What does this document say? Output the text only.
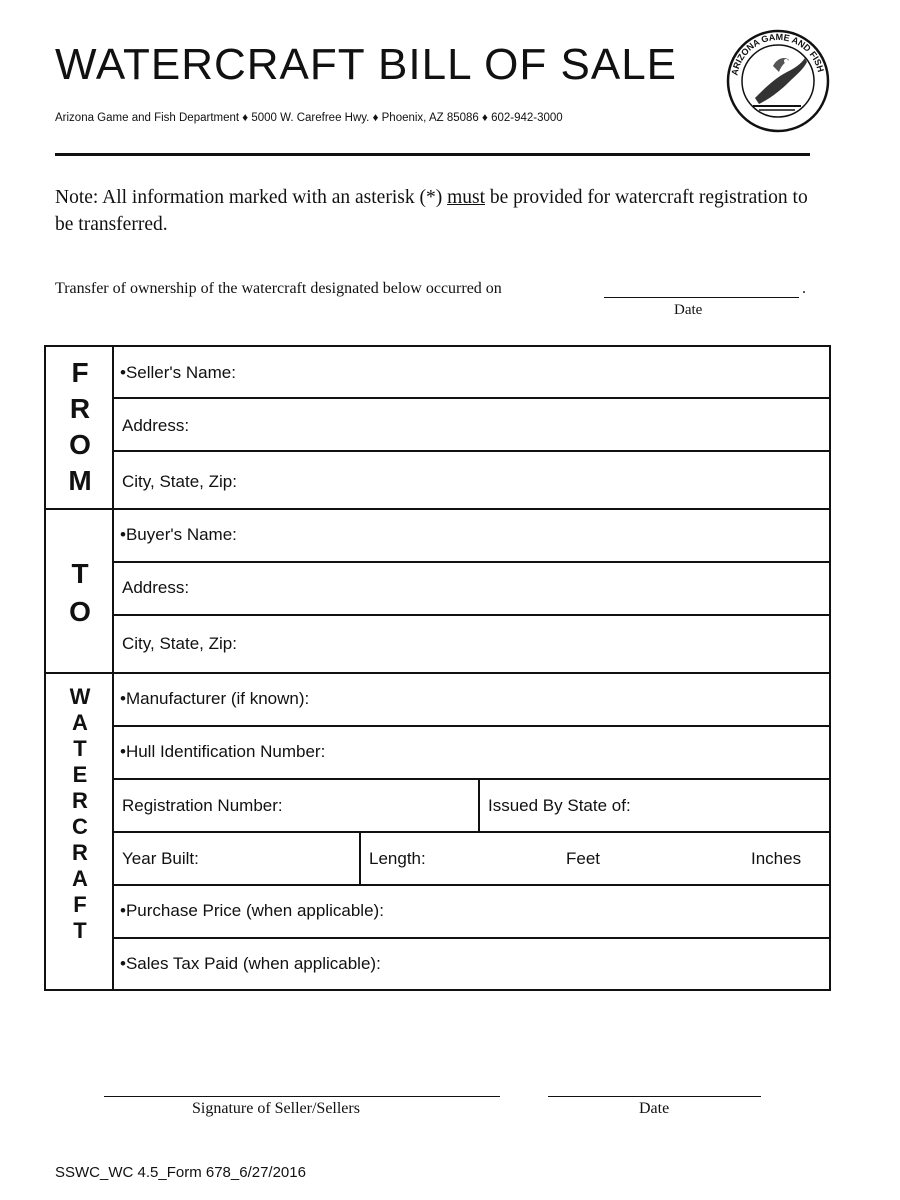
WATERCRAFT BILL OF SALE
Arizona Game and Fish Department ♦ 5000 W. Carefree Hwy. ♦ Phoenix, AZ 85086 ♦ 602-942-3000
ARIZONA GAME AND FISH
Note: All information marked with an asterisk (*) must be provided for watercraft registration to be transferred.
Transfer of ownership of the watercraft designated below occurred on	.
Date
•Seller's Name:
Address:
City, State, Zip:
F
R
O
M
•Buyer's Name:
Address:
City, State, Zip:
T
O
•Manufacturer (if known):
•Hull Identification Number:
Registration Number:	Issued By State of:
Year Built:	Length:	Feet	Inches
•Purchase Price (when applicable):
•Sales Tax Paid (when applicable):
W
A
T
E
R
C
R
A
F
T
Signature of Seller/Sellers	Date
SSWC_WC 4.5_Form 678_6/27/2016
